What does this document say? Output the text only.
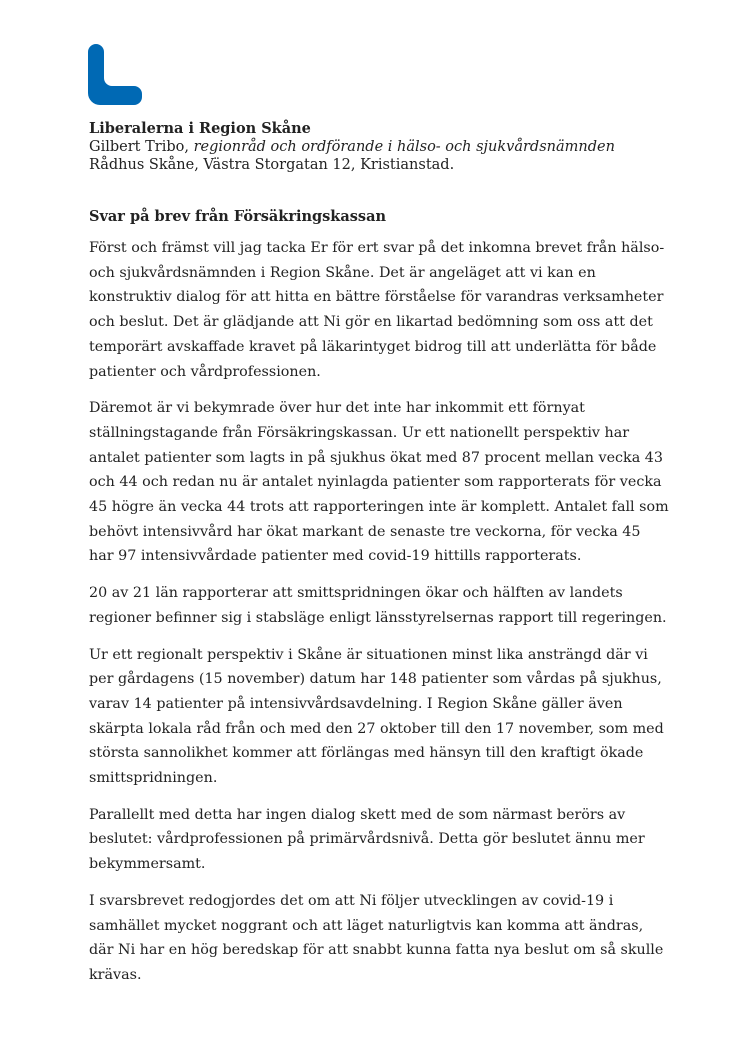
Liberalerna i Region Skåne

Gilbert Tribo, regionråd och ordförande i hälso- och sjukvårdsnämnden

Rådhus Skåne, Västra Storgatan 12, Kristianstad.

Svar på brev från Försäkringskassan

Först och främst vill jag tacka Er för ert svar på det inkomna brevet från hälso- och sjukvårdsnämnden i Region Skåne. Det är angeläget att vi kan en konstruktiv dialog för att hitta en bättre förståelse för varandras verksamheter och beslut. Det är glädjande att Ni gör en likartad bedömning som oss att det temporärt avskaffade kravet på läkarintyget bidrog till att underlätta för både patienter och vårdprofessionen.

Däremot är vi bekymrade över hur det inte har inkommit ett förnyat ställningstagande från Försäkringskassan. Ur ett nationellt perspektiv har antalet patienter som lagts in på sjukhus ökat med 87 procent mellan vecka 43 och 44 och redan nu är antalet nyinlagda patienter som rapporterats för vecka 45 högre än vecka 44 trots att rapporteringen inte är komplett. Antalet fall som behövt intensivvård har ökat markant de senaste tre veckorna, för vecka 45 har 97 intensivvårdade patienter med covid-19 hittills rapporterats.

20 av 21 län rapporterar att smittspridningen ökar och hälften av landets regioner befinner sig i stabsläge enligt länsstyrelsernas rapport till regeringen.

Ur ett regionalt perspektiv i Skåne är situationen minst lika ansträngd där vi per gårdagens (15 november) datum har 148 patienter som vårdas på sjukhus, varav 14 patienter på intensivvårdsavdelning. I Region Skåne gäller även skärpta lokala råd från och med den 27 oktober till den 17 november, som med största sannolikhet kommer att förlängas med hänsyn till den kraftigt ökade smittspridningen.

Parallellt med detta har ingen dialog skett med de som närmast berörs av beslutet: vårdprofessionen på primärvårdsnivå. Detta gör beslutet ännu mer bekymmersamt.

I svarsbrevet redogjordes det om att Ni följer utvecklingen av covid-19 i samhället mycket noggrant och att läget naturligtvis kan komma att ändras, där Ni har en hög beredskap för att snabbt kunna fatta nya beslut om så skulle krävas.
